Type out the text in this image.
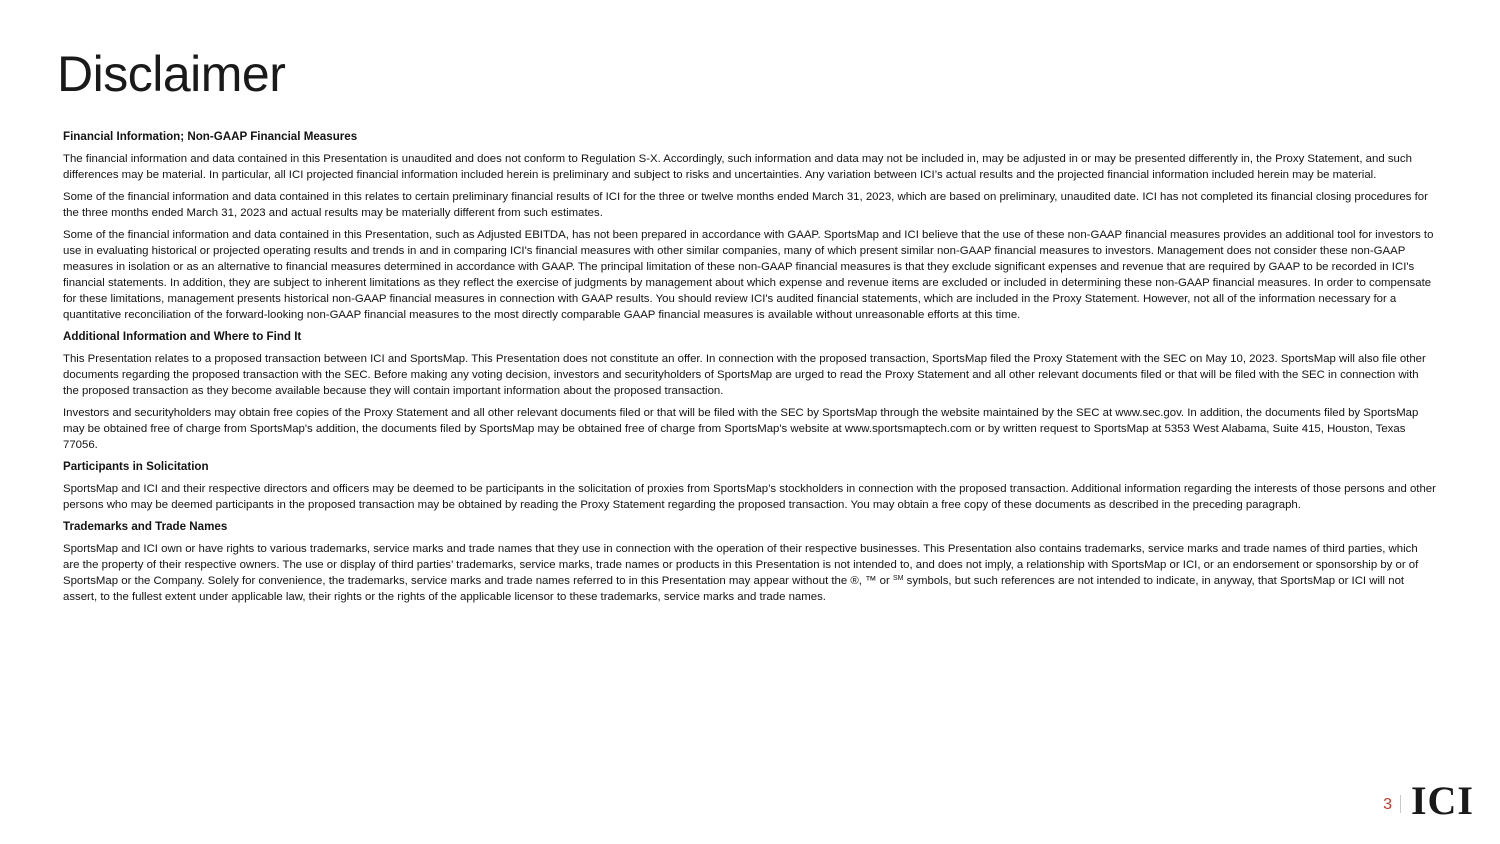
Disclaimer
Financial Information; Non-GAAP Financial Measures

The financial information and data contained in this Presentation is unaudited and does not conform to Regulation S-X. Accordingly, such information and data may not be included in, may be adjusted in or may be presented differently in, the Proxy Statement, and such differences may be material. In particular, all ICI projected financial information included herein is preliminary and subject to risks and uncertainties. Any variation between ICI’s actual results and the projected financial information included herein may be material.

Some of the financial information and data contained in this relates to certain preliminary financial results of ICI for the three or twelve months ended March 31, 2023, which are based on preliminary, unaudited date. ICI has not completed its financial closing procedures for the three months ended March 31, 2023 and actual results may be materially different from such estimates.

Some of the financial information and data contained in this Presentation, such as Adjusted EBITDA, has not been prepared in accordance with GAAP. SportsMap and ICI believe that the use of these non-GAAP financial measures provides an additional tool for investors to use in evaluating historical or projected operating results and trends in and in comparing ICI's financial measures with other similar companies, many of which present similar non-GAAP financial measures to investors. Management does not consider these non-GAAP measures in isolation or as an alternative to financial measures determined in accordance with GAAP. The principal limitation of these non-GAAP financial measures is that they exclude significant expenses and revenue that are required by GAAP to be recorded in ICI's financial statements. In addition, they are subject to inherent limitations as they reflect the exercise of judgments by management about which expense and revenue items are excluded or included in determining these non-GAAP financial measures. In order to compensate for these limitations, management presents historical non-GAAP financial measures in connection with GAAP results. You should review ICI's audited financial statements, which are included in the Proxy Statement. However, not all of the information necessary for a quantitative reconciliation of the forward-looking non-GAAP financial measures to the most directly comparable GAAP financial measures is available without unreasonable efforts at this time.

Additional Information and Where to Find It

This Presentation relates to a proposed transaction between ICI and SportsMap. This Presentation does not constitute an offer. In connection with the proposed transaction, SportsMap filed the Proxy Statement with the SEC on May 10, 2023. SportsMap will also file other documents regarding the proposed transaction with the SEC. Before making any voting decision, investors and securityholders of SportsMap are urged to read the Proxy Statement and all other relevant documents filed or that will be filed with the SEC in connection with the proposed transaction as they become available because they will contain important information about the proposed transaction.

Investors and securityholders may obtain free copies of the Proxy Statement and all other relevant documents filed or that will be filed with the SEC by SportsMap through the website maintained by the SEC at www.sec.gov. In addition, the documents filed by SportsMap may be obtained free of charge from SportsMap's addition, the documents filed by SportsMap may be obtained free of charge from SportsMap's website at www.sportsmaptech.com or by written request to SportsMap at 5353 West Alabama, Suite 415, Houston, Texas 77056.

Participants in Solicitation

SportsMap and ICI and their respective directors and officers may be deemed to be participants in the solicitation of proxies from SportsMap’s stockholders in connection with the proposed transaction. Additional information regarding the interests of those persons and other persons who may be deemed participants in the proposed transaction may be obtained by reading the Proxy Statement regarding the proposed transaction. You may obtain a free copy of these documents as described in the preceding paragraph.

Trademarks and Trade Names

SportsMap and ICI own or have rights to various trademarks, service marks and trade names that they use in connection with the operation of their respective businesses. This Presentation also contains trademarks, service marks and trade names of third parties, which are the property of their respective owners. The use or display of third parties’ trademarks, service marks, trade names or products in this Presentation is not intended to, and does not imply, a relationship with SportsMap or ICI, or an endorsement or sponsorship by or of SportsMap or the Company. Solely for convenience, the trademarks, service marks and trade names referred to in this Presentation may appear without the ®, ™ or ℠ symbols, but such references are not intended to indicate, in anyway, that SportsMap or ICI will not assert, to the fullest extent under applicable law, their rights or the rights of the applicable licensor to these trademarks, service marks and trade names.

3 ICI
